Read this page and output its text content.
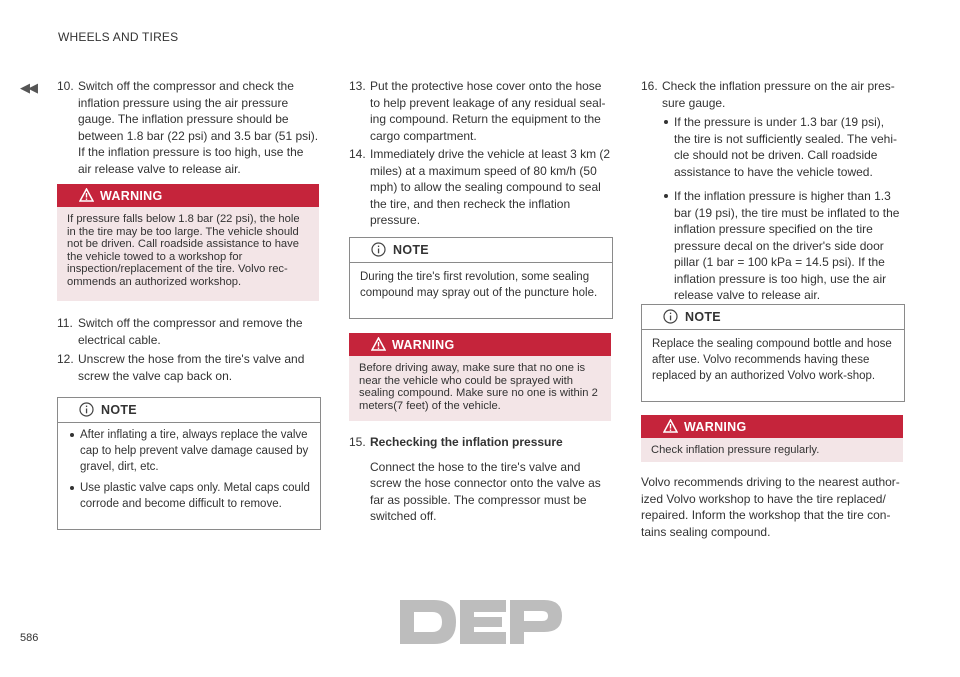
WHEELS AND TIRES
◀◀ 10. Switch off the compressor and check the inflation pressure using the air pressure gauge. The inflation pressure should be between 1.8 bar (22 psi) and 3.5 bar (51 psi). If the inflation pressure is too high, use the air release valve to release air.
WARNING
If pressure falls below 1.8 bar (22 psi), the hole in the tire may be too large. The vehicle should not be driven. Call roadside assistance to have the vehicle towed to a workshop for inspection/replacement of the tire. Volvo rec-ommends an authorized workshop.
11. Switch off the compressor and remove the electrical cable.
12. Unscrew the hose from the tire's valve and screw the valve cap back on.
NOTE
After inflating a tire, always replace the valve cap to help prevent valve damage caused by gravel, dirt, etc.
Use plastic valve caps only. Metal caps could corrode and become difficult to remove.
13. Put the protective hose cover onto the hose to help prevent leakage of any residual seal-ing compound. Return the equipment to the cargo compartment.
14. Immediately drive the vehicle at least 3 km (2 miles) at a maximum speed of 80 km/h (50 mph) to allow the sealing compound to seal the tire, and then recheck the inflation pressure.
NOTE
During the tire's first revolution, some sealing compound may spray out of the puncture hole.
WARNING
Before driving away, make sure that no one is near the vehicle who could be sprayed with sealing compound. Make sure no one is within 2 meters(7 feet) of the vehicle.
15. Rechecking the inflation pressure
Connect the hose to the tire's valve and screw the hose connector onto the valve as far as possible. The compressor must be switched off.
16. Check the inflation pressure on the air pres-sure gauge.
If the pressure is under 1.3 bar (19 psi), the tire is not sufficiently sealed. The vehi-cle should not be driven. Call roadside assistance to have the vehicle towed.
If the inflation pressure is higher than 1.3 bar (19 psi), the tire must be inflated to the inflation pressure specified on the tire pressure decal on the driver's side door pillar (1 bar = 100 kPa = 14.5 psi). If the inflation pressure is too high, use the air release valve to release air.
NOTE
Replace the sealing compound bottle and hose after use. Volvo recommends having these replaced by an authorized Volvo work-shop.
WARNING
Check inflation pressure regularly.
Volvo recommends driving to the nearest author-ized Volvo workshop to have the tire replaced/ repaired. Inform the workshop that the tire con-tains sealing compound.
586
